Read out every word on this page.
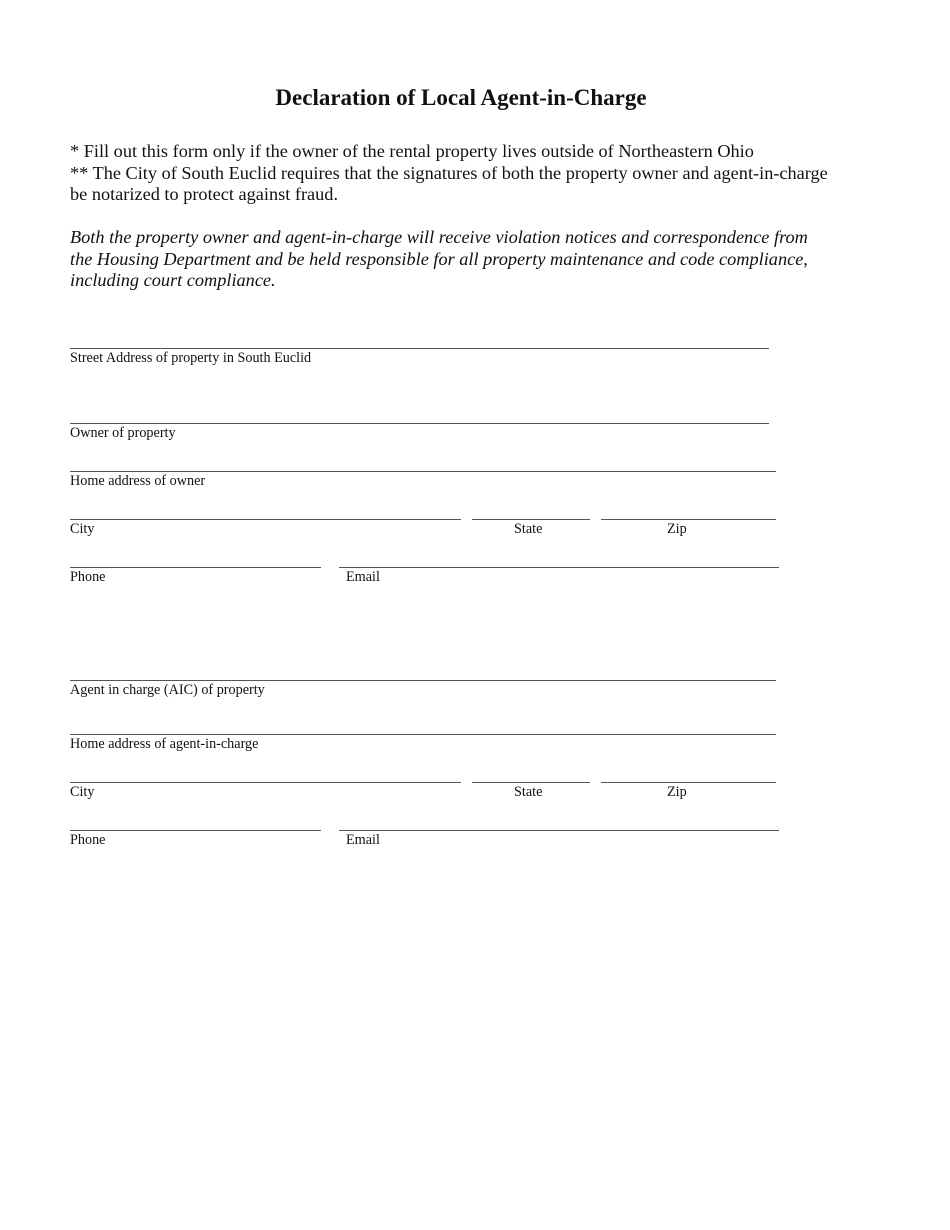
Declaration of Local Agent-in-Charge
* Fill out this form only if the owner of the rental property lives outside of Northeastern Ohio
** The City of South Euclid requires that the signatures of both the property owner and agent-in-charge
be notarized to protect against fraud.
Both the property owner and agent-in-charge will receive violation notices and correspondence from
the Housing Department and be held responsible for all property maintenance and code compliance,
including court compliance.
Street Address of property in South Euclid
Owner of property
Home address of owner
City	State	Zip
Phone	Email
Agent in charge (AIC) of property
Home address of agent-in-charge
City	State	Zip
Phone	Email
